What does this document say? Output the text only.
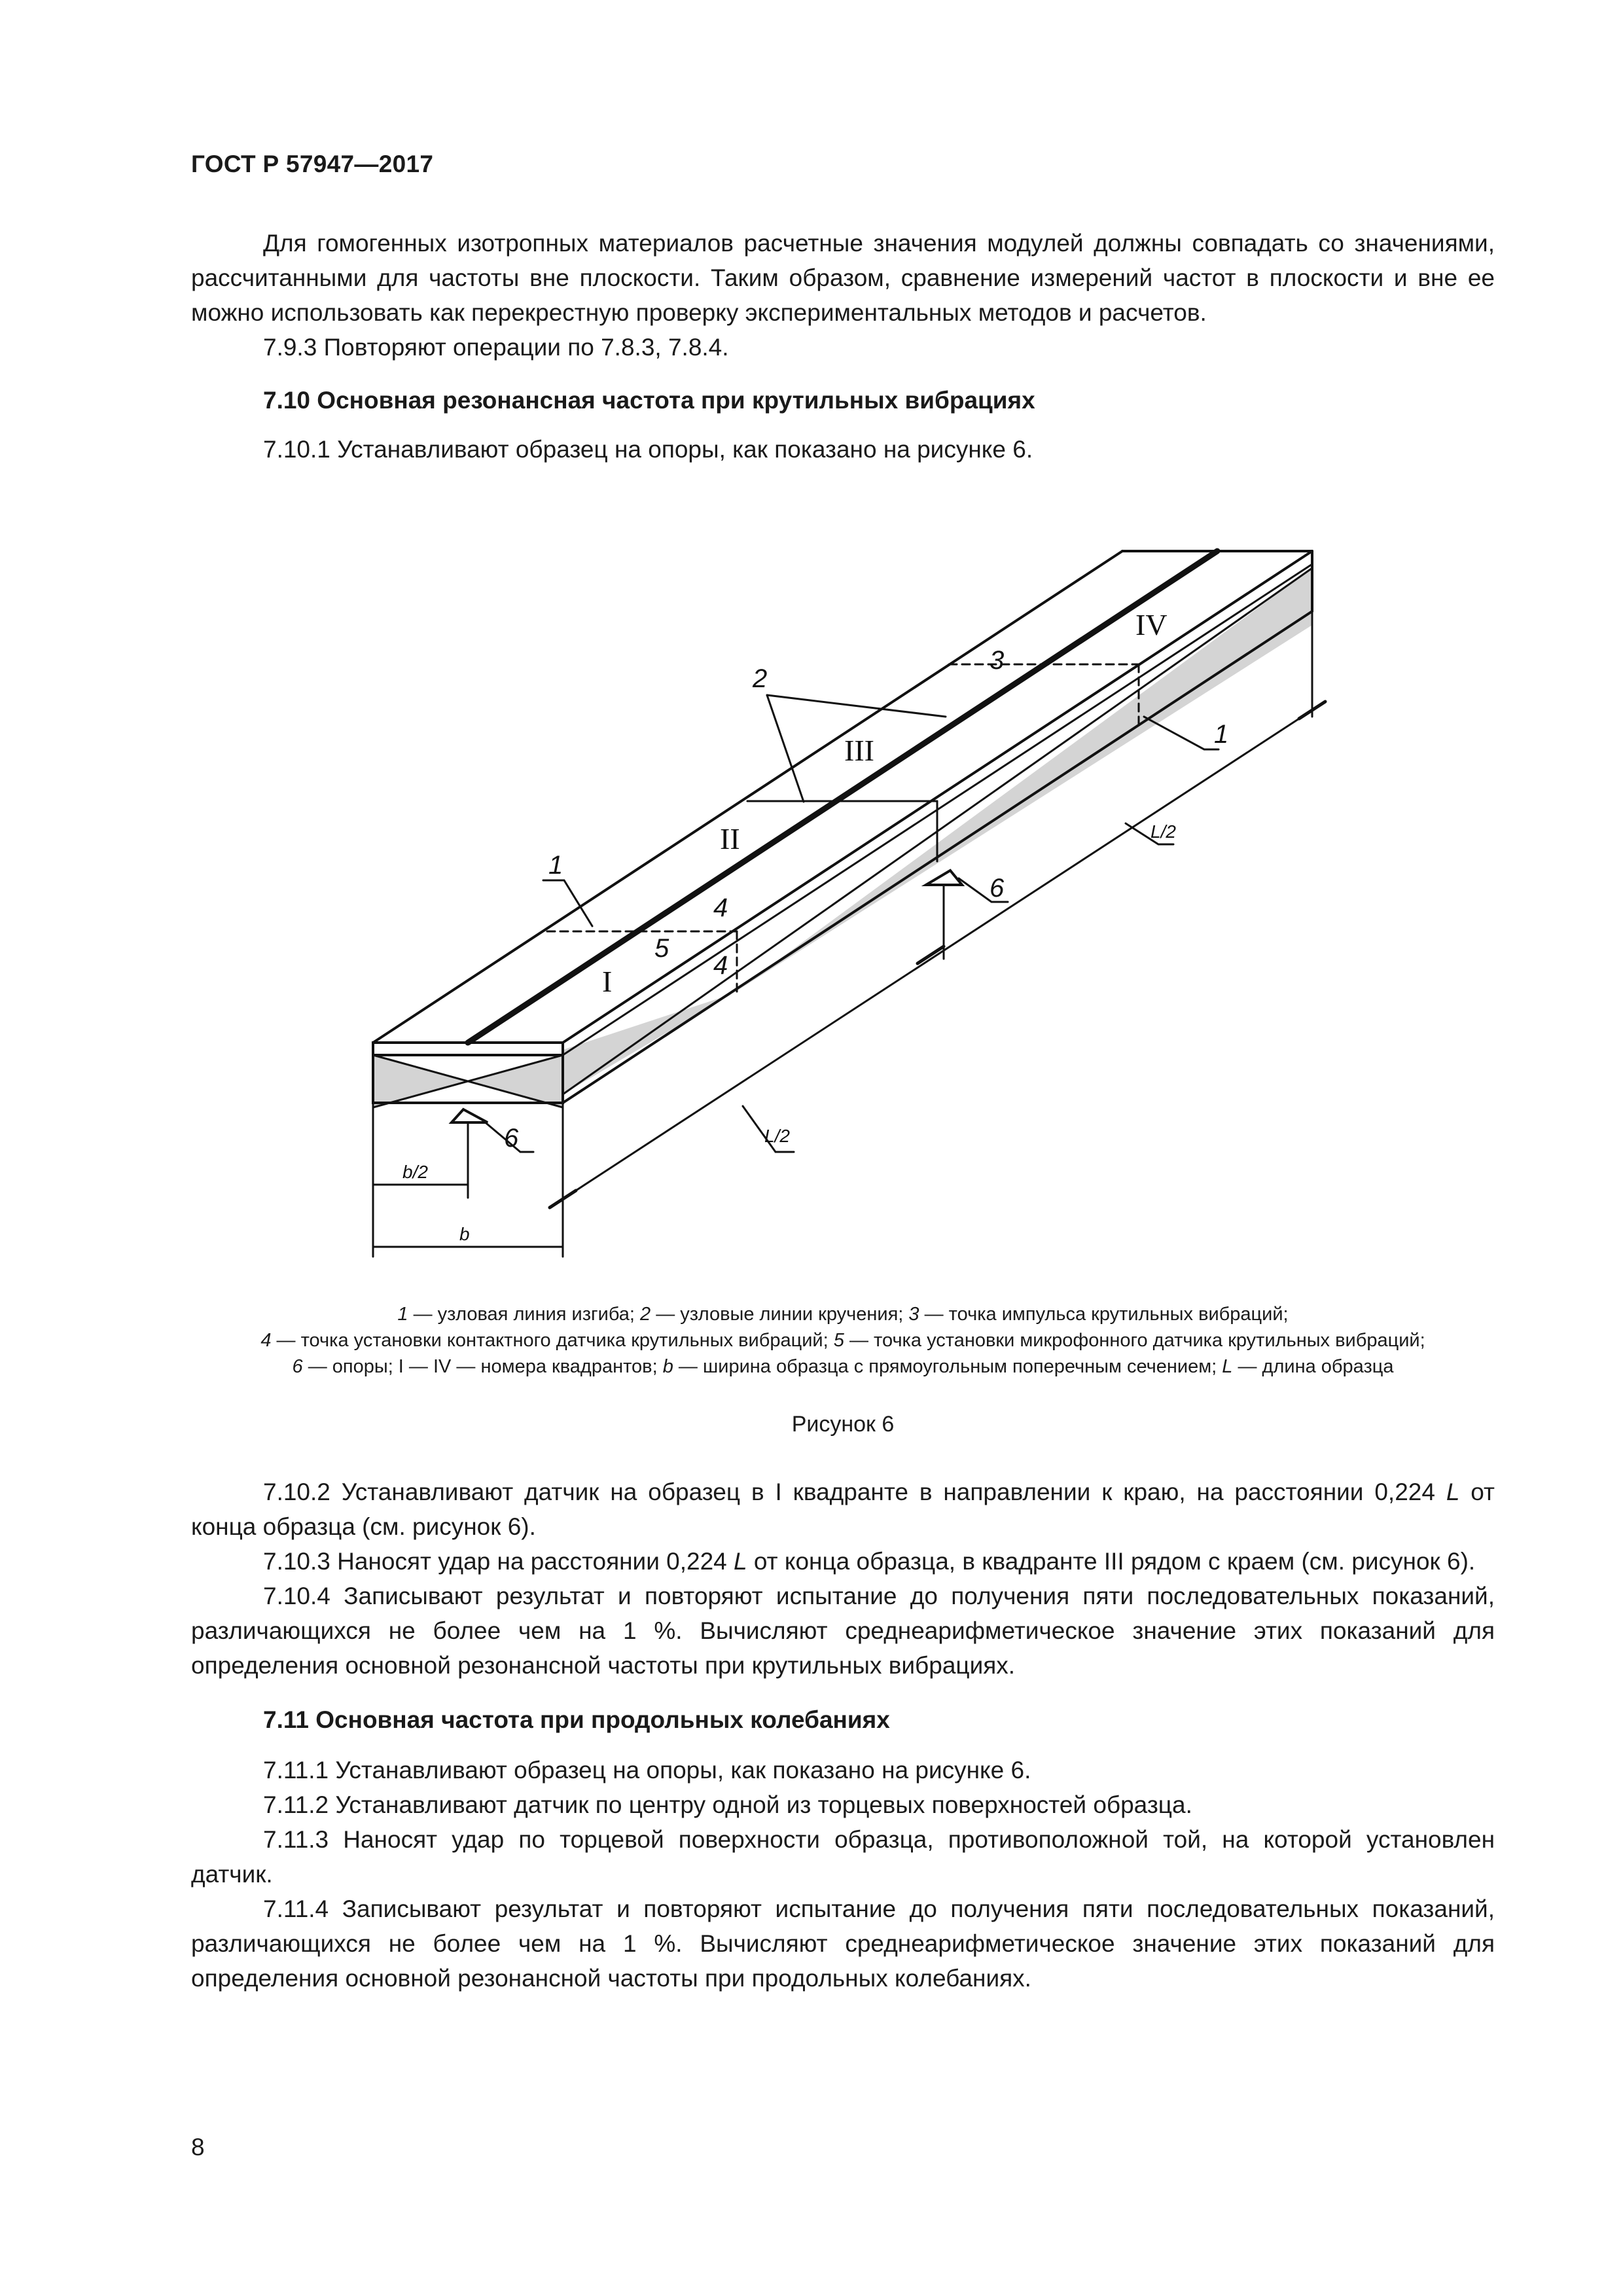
ГОСТ Р 57947—2017

Для гомогенных изотропных материалов расчетные значения модулей должны совпадать со значениями, рассчитанными для частоты вне плоскости. Таким образом, сравнение измерений частот в плоскости и вне ее можно использовать как перекрестную проверку экспериментальных методов и расчетов.

7.9.3 Повторяют операции по 7.8.3, 7.8.4.

7.10 Основная резонансная частота при крутильных вибрациях

7.10.1 Устанавливают образец на опоры, как показано на рисунке 6.

1
1
2
3
4
4
5
6
6	L/2
L/2
b/2
b
I
II
III
IV
1 — узловая линия изгиба; 2 — узловые линии кручения; 3 — точка импульса крутильных вибраций;
4 — точка установки контактного датчика крутильных вибраций; 5 — точка установки микрофонного датчика крутильных вибраций;
6 — опоры; I — IV — номера квадрантов; b — ширина образца с прямоугольным поперечным сечением; L — длина образца
Рисунок 6

7.10.2 Устанавливают датчик на образец в I квадранте в направлении к краю, на расстоянии 0,224 L от конца образца (см. рисунок 6).

7.10.3 Наносят удар на расстоянии 0,224 L от конца образца, в квадранте III рядом с краем (см. рисунок 6).

7.10.4 Записывают результат и повторяют испытание до получения пяти последовательных показаний, различающихся не более чем на 1 %. Вычисляют среднеарифметическое значение этих показаний для определения основной резонансной частоты при крутильных вибрациях.

7.11 Основная частота при продольных колебаниях

7.11.1 Устанавливают образец на опоры, как показано на рисунке 6.

7.11.2 Устанавливают датчик по центру одной из торцевых поверхностей образца.

7.11.3 Наносят удар по торцевой поверхности образца, противоположной той, на которой установлен датчик.

7.11.4 Записывают результат и повторяют испытание до получения пяти последовательных показаний, различающихся не более чем на 1 %. Вычисляют среднеарифметическое значение этих показаний для определения основной резонансной частоты при продольных колебаниях.

8
